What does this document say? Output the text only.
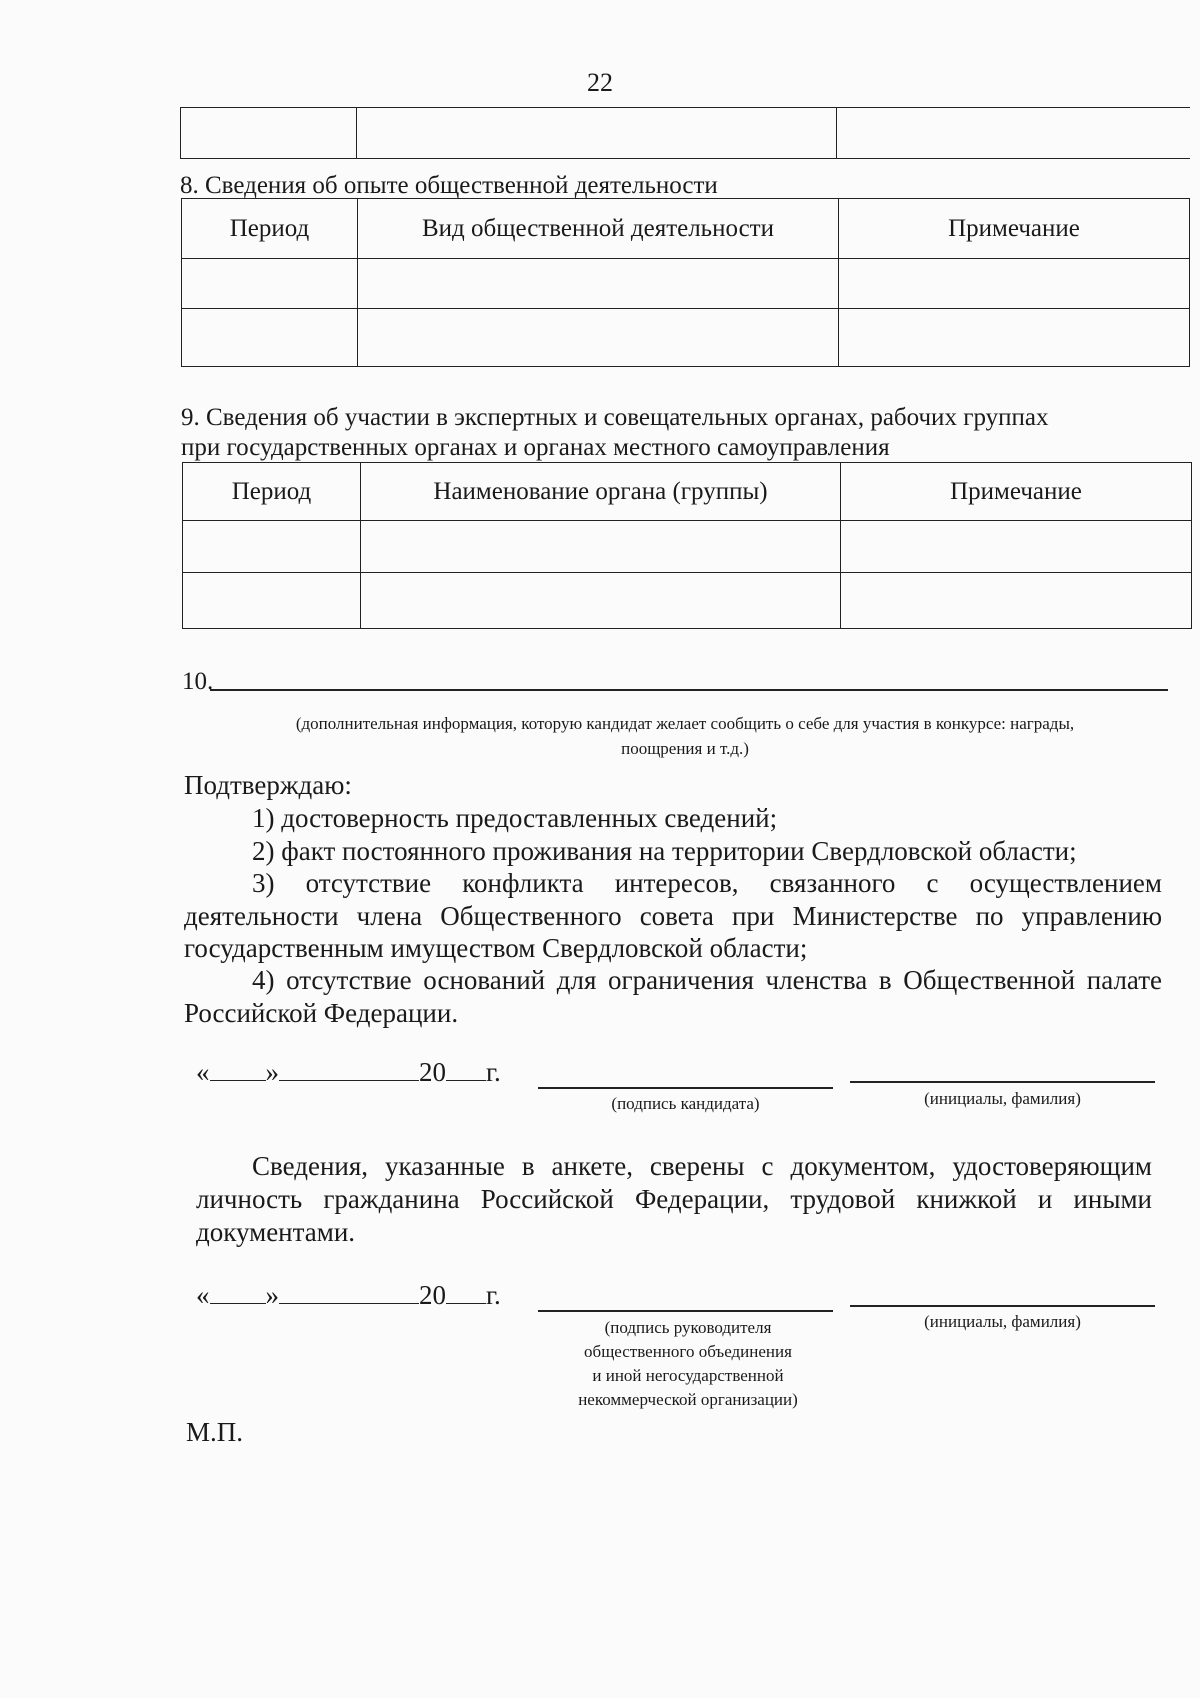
22
8. Сведения об опыте общественной деятельности
Период	Вид общественной деятельности	Примечание

9. Сведения об участии в экспертных и совещательных органах, рабочих группах
при государственных органах и органах местного самоуправления
Период	Наименование органа (группы)	Примечание

10.
(дополнительная информация, которую кандидат желает сообщить о себе для участия в конкурсе: награды,
поощрения и т.д.)
Подтверждаю:
1) достоверность предоставленных сведений;
2) факт постоянного проживания на территории Свердловской области;
3) отсутствие конфликта интересов, связанного с осуществлением
деятельности члена Общественного совета при Министерстве по управлению
государственным имуществом Свердловской области;
4) отсутствие оснований для ограничения членства в Общественной палате
Российской Федерации.
« »	20 г.
(подпись кандидата)	(инициалы, фамилия)
Сведения, указанные в анкете, сверены с документом, удостоверяющим
личность гражданина Российской Федерации, трудовой книжкой и иными
документами.
« »	20 г.
(подпись руководителя
общественного объединения
и иной негосударственной
некоммерческой организации)
(инициалы, фамилия)
М.П.
